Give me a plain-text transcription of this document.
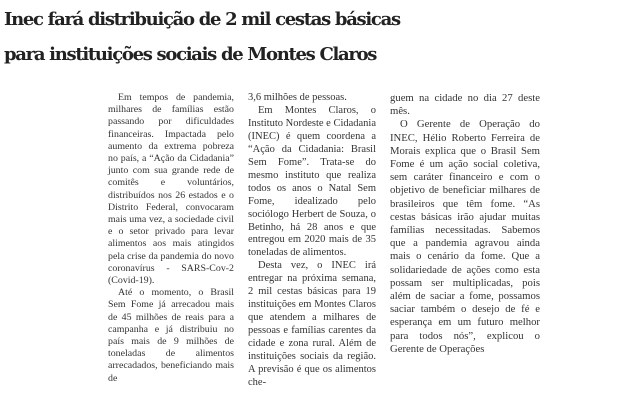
Inec fará distribuição de 2 mil cestas básicas
para instituições sociais de Montes Claros

Em tempos de pandemia, milhares de famílias estão passando por dificuldades financeiras. Impactada pelo aumento da extrema pobreza no país, a “Ação da Cidadania” junto com sua grande rede de comitês e voluntários, distribuídos nos 26 estados e o Distrito Federal, convocaram mais uma vez, a sociedade civil e o setor privado para levar alimentos aos mais atingidos pela crise da pandemia do novo coronavírus - SARS-Cov-2 (Covid-19).

Até o momento, o Brasil Sem Fome já arrecadou mais de 45 milhões de reais para a campanha e já distribuiu no país mais de 9 milhões de toneladas de alimentos arrecadados, beneficiando mais de

3,6 milhões de pessoas.

Em Montes Claros, o Instituto Nordeste e Cidadania (INEC) é quem coordena a “Ação da Cidadania: Brasil Sem Fome”. Trata-se do mesmo instituto que realiza todos os anos o Natal Sem Fome, idealizado pelo sociólogo Herbert de Souza, o Betinho, há 28 anos e que entregou em 2020 mais de 35 toneladas de alimentos.

Desta vez, o INEC irá entregar na próxima semana, 2 mil cestas básicas para 19 instituições em Montes Claros que atendem a milhares de pessoas e famílias carentes da cidade e zona rural. Além de instituições sociais da região. A previsão é que os alimentos che-

guem na cidade no dia 27 deste mês.

O Gerente de Operação do INEC, Hélio Roberto Ferreira de Morais explica que o Brasil Sem Fome é um ação social coletiva, sem caráter financeiro e com o objetivo de beneficiar milhares de brasileiros que têm fome. “As cestas básicas irão ajudar muitas famílias necessitadas. Sabemos que a pandemia agravou ainda mais o cenário da fome. Que a solidariedade de ações como esta possam ser multiplicadas, pois além de saciar a fome, possamos saciar também o desejo de fé e esperança em um futuro melhor para todos nós”, explicou o Gerente de Operações
